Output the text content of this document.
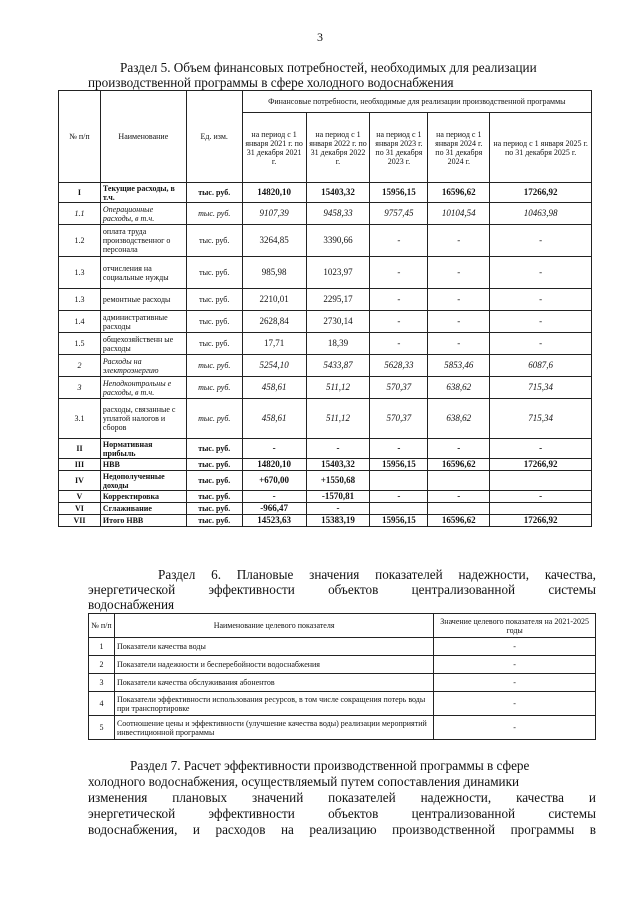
3
Раздел 5. Объем финансовых потребностей, необходимых для реализации
производственной программы в сфере холодного водоснабжения
№ п/п	Наименование	Ед. изм.	Финансовые потребности, необходимые для реализации производственной программы				
			на период с 1 января 2021 г. по 31 декабря 2021 г.	на период с 1 января 2022 г. по 31 декабря 2022 г.	на период с 1 января 2023 г. по 31 декабря 2023 г.	на период с 1 января 2024 г. по 31 декабря 2024 г.	на период с 1 января 2025 г. по 31 декабря 2025 г.
I	Текущие расходы, в т.ч.	тыс. руб.	14820,10	15403,32	15956,15	16596,62	17266,92
1.1	Операционные расходы, в т.ч.	тыс. руб.	9107,39	9458,33	9757,45	10104,54	10463,98
1.2	оплата труда производственног о персонала	тыс. руб.	3264,85	3390,66	-	-	-
1.3	отчисления на социальные нужды	тыс. руб.	985,98	1023,97	-	-	-
1.3	ремонтные расходы	тыс. руб.	2210,01	2295,17	-	-	-
1.4	административные расходы	тыс. руб.	2628,84	2730,14	-	-	-
1.5	общехозяйственн ые расходы	тыс. руб.	17,71	18,39	-	-	-
2	Расходы на электроэнергию	тыс. руб.	5254,10	5433,87	5628,33	5853,46	6087,6
3	Неподконтрольны е расходы, в т.ч.	тыс. руб.	458,61	511,12	570,37	638,62	715,34
3.1	расходы, связанные с уплатой налогов и сборов	тыс. руб.	458,61	511,12	570,37	638,62	715,34
II	Нормативная прибыль	тыс. руб.	-	-	-	-	-
III	НВВ	тыс. руб.	14820,10	15403,32	15956,15	16596,62	17266,92
IV	Недополученные доходы	тыс. руб.	+670,00	+1550,68			
V	Корректировка	тыс. руб.	-	-1570,81	-	-	-
VI	Сглаживание	тыс. руб.	-966,47	-			
VII	Итого НВВ	тыс. руб.	14523,63	15383,19	15956,15	16596,62	17266,92
Раздел 6. Плановые значения показателей надежности, качества,
энергетической	эффективности	объектов	централизованной	системы
водоснабжения
№ п/п	Наименование целевого показателя	Значение целевого показателя на 2021-2025 годы
1	Показатели качества воды	-
2	Показатели надежности и бесперебойности водоснабжения	-
3	Показатели качества обслуживания абонентов	-
4	Показатели эффективности использования ресурсов, в том числе сокращения потерь воды при транспортировке	-
5	Соотношение цены и эффективности (улучшение качества воды) реализации мероприятий инвестиционной программы	-
Раздел 7. Расчет эффективности производственной программы в сфере
холодного водоснабжения, осуществляемый путем сопоставления динамики
изменения плановых значений показателей надежности, качества и
энергетической	эффективности	объектов	централизованной	системы
водоснабжения, и расходов на реализацию производственной программы в
